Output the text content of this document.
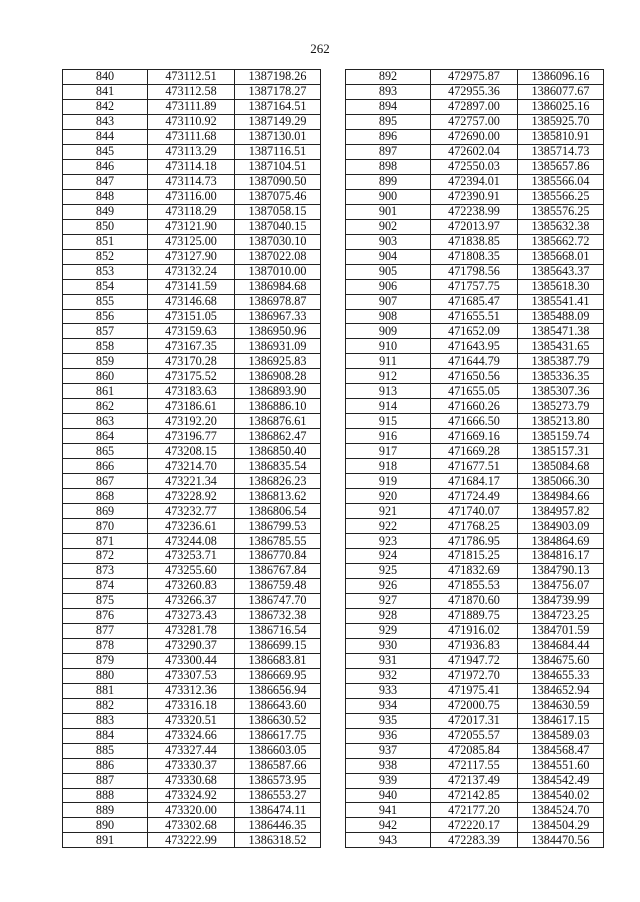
262
840	473112.51	1387198.26
841	473112.58	1387178.27
842	473111.89	1387164.51
843	473110.92	1387149.29
844	473111.68	1387130.01
845	473113.29	1387116.51
846	473114.18	1387104.51
847	473114.73	1387090.50
848	473116.00	1387075.46
849	473118.29	1387058.15
850	473121.90	1387040.15
851	473125.00	1387030.10
852	473127.90	1387022.08
853	473132.24	1387010.00
854	473141.59	1386984.68
855	473146.68	1386978.87
856	473151.05	1386967.33
857	473159.63	1386950.96
858	473167.35	1386931.09
859	473170.28	1386925.83
860	473175.52	1386908.28
861	473183.63	1386893.90
862	473186.61	1386886.10
863	473192.20	1386876.61
864	473196.77	1386862.47
865	473208.15	1386850.40
866	473214.70	1386835.54
867	473221.34	1386826.23
868	473228.92	1386813.62
869	473232.77	1386806.54
870	473236.61	1386799.53
871	473244.08	1386785.55
872	473253.71	1386770.84
873	473255.60	1386767.84
874	473260.83	1386759.48
875	473266.37	1386747.70
876	473273.43	1386732.38
877	473281.78	1386716.54
878	473290.37	1386699.15
879	473300.44	1386683.81
880	473307.53	1386669.95
881	473312.36	1386656.94
882	473316.18	1386643.60
883	473320.51	1386630.52
884	473324.66	1386617.75
885	473327.44	1386603.05
886	473330.37	1386587.66
887	473330.68	1386573.95
888	473324.92	1386553.27
889	473320.00	1386474.11
890	473302.68	1386446.35
891	473222.99	1386318.52
892	472975.87	1386096.16
893	472955.36	1386077.67
894	472897.00	1386025.16
895	472757.00	1385925.70
896	472690.00	1385810.91
897	472602.04	1385714.73
898	472550.03	1385657.86
899	472394.01	1385566.04
900	472390.91	1385566.25
901	472238.99	1385576.25
902	472013.97	1385632.38
903	471838.85	1385662.72
904	471808.35	1385668.01
905	471798.56	1385643.37
906	471757.75	1385618.30
907	471685.47	1385541.41
908	471655.51	1385488.09
909	471652.09	1385471.38
910	471643.95	1385431.65
911	471644.79	1385387.79
912	471650.56	1385336.35
913	471655.05	1385307.36
914	471660.26	1385273.79
915	471666.50	1385213.80
916	471669.16	1385159.74
917	471669.28	1385157.31
918	471677.51	1385084.68
919	471684.17	1385066.30
920	471724.49	1384984.66
921	471740.07	1384957.82
922	471768.25	1384903.09
923	471786.95	1384864.69
924	471815.25	1384816.17
925	471832.69	1384790.13
926	471855.53	1384756.07
927	471870.60	1384739.99
928	471889.75	1384723.25
929	471916.02	1384701.59
930	471936.83	1384684.44
931	471947.72	1384675.60
932	471972.70	1384655.33
933	471975.41	1384652.94
934	472000.75	1384630.59
935	472017.31	1384617.15
936	472055.57	1384589.03
937	472085.84	1384568.47
938	472117.55	1384551.60
939	472137.49	1384542.49
940	472142.85	1384540.02
941	472177.20	1384524.70
942	472220.17	1384504.29
943	472283.39	1384470.56
